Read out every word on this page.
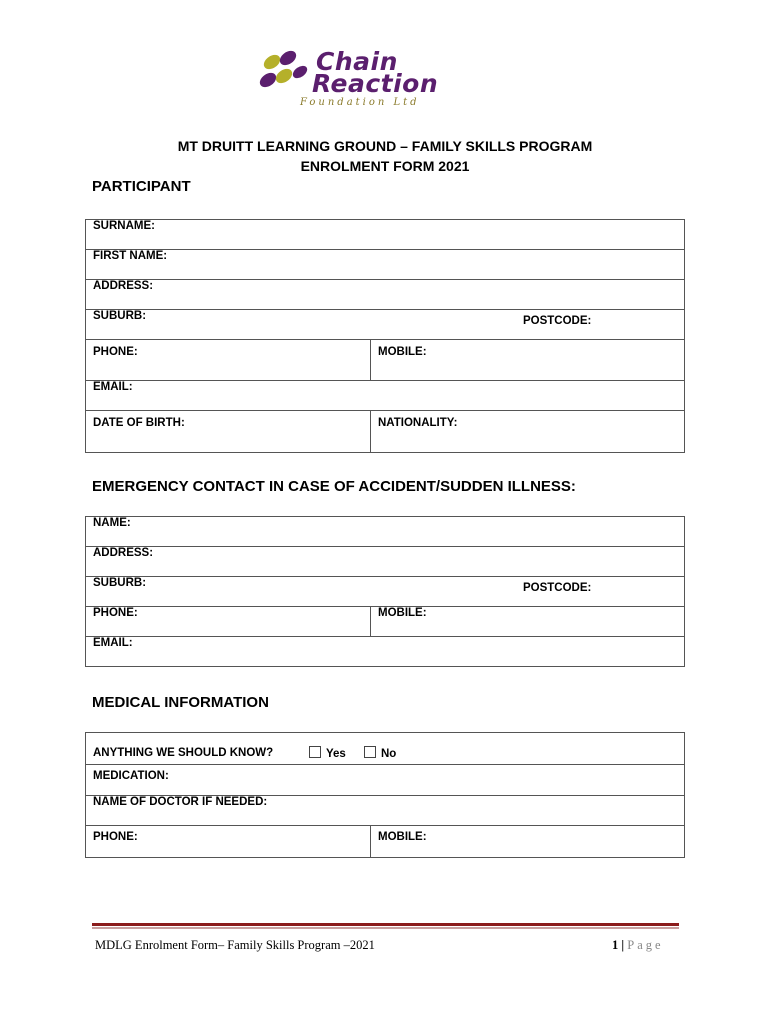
Chain
Reaction
Foundation Ltd
MT DRUITT LEARNING GROUND – FAMILY SKILLS PROGRAM
ENROLMENT FORM 2021
PARTICIPANT
SURNAME:	
FIRST NAME:	
ADDRESS:	
SUBURB: POSTCODE:	

PHONE:	MOBILE:
EMAIL:	
DATE OF BIRTH:	NATIONALITY:
EMERGENCY CONTACT IN CASE OF ACCIDENT/SUDDEN ILLNESS:
NAME:
ADDRESS:
SUBURB:	POSTCODE:

PHONE:	MOBILE:
EMAIL:
MEDICAL INFORMATION
ANYTHING WE SHOULD KNOW?	Yes	No

MEDICATION:
NAME OF DOCTOR IF NEEDED:
PHONE:	MOBILE:
MDLG Enrolment Form– Family Skills Program –2021	1 | Page
